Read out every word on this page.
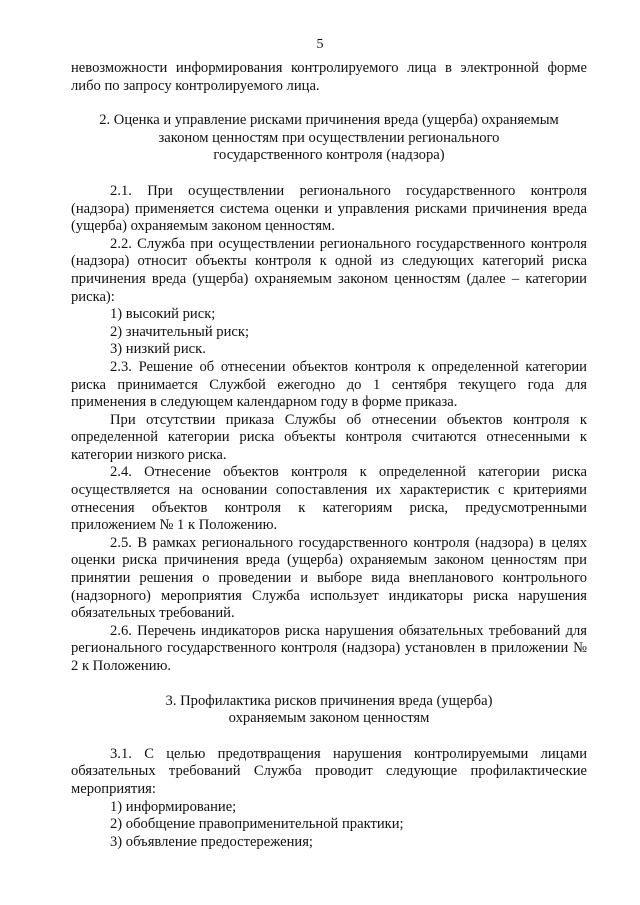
5

невозможности информирования контролируемого лица в электронной форме либо по запросу контролируемого лица.

2. Оценка и управление рисками причинения вреда (ущерба) охраняемым
законом ценностям при осуществлении регионального
государственного контроля (надзора)

2.1. При осуществлении регионального государственного контроля (надзора) применяется система оценки и управления рисками причинения вреда (ущерба) охраняемым законом ценностям.

2.2. Служба при осуществлении регионального государственного контроля (надзора) относит объекты контроля к одной из следующих категорий риска причинения вреда (ущерба) охраняемым законом ценностям (далее – категории риска):

1) высокий риск;

2) значительный риск;

3) низкий риск.

2.3. Решение об отнесении объектов контроля к определенной категории риска принимается Службой ежегодно до 1 сентября текущего года для применения в следующем календарном году в форме приказа.

При отсутствии приказа Службы об отнесении объектов контроля к определенной категории риска объекты контроля считаются отнесенными к категории низкого риска.

2.4. Отнесение объектов контроля к определенной категории риска осуществляется на основании сопоставления их характеристик с критериями отнесения объектов контроля к категориям риска, предусмотренными приложением № 1 к Положению.

2.5. В рамках регионального государственного контроля (надзора) в целях оценки риска причинения вреда (ущерба) охраняемым законом ценностям при принятии решения о проведении и выборе вида внепланового контрольного (надзорного) мероприятия Служба использует индикаторы риска нарушения обязательных требований.

2.6. Перечень индикаторов риска нарушения обязательных требований для регионального государственного контроля (надзора) установлен в приложении № 2 к Положению.

3. Профилактика рисков причинения вреда (ущерба)
охраняемым законом ценностям

3.1. С целью предотвращения нарушения контролируемыми лицами обязательных требований Служба проводит следующие профилактические мероприятия:

1) информирование;

2) обобщение правоприменительной практики;

3) объявление предостережения;
